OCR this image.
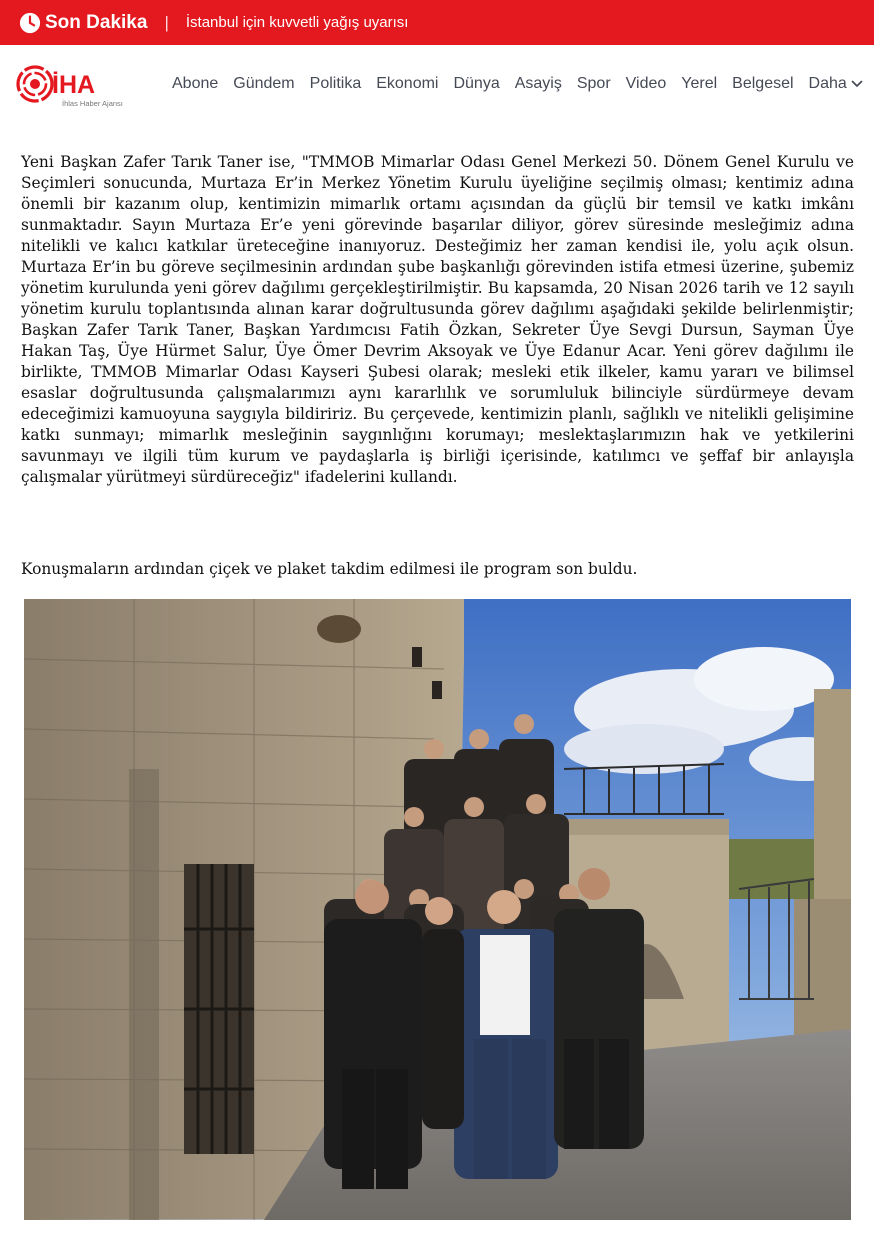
Son Dakika | İstanbul için kuvvetli yağış uyarısı
İHA
İhlas Haber Ajansı
Abone Gündem Politika Ekonomi Dünya Asayiş Spor Video Yerel Belgesel Daha

Yeni Başkan Zafer Tarık Taner ise, "TMMOB Mimarlar Odası Genel Merkezi 50. Dönem Genel Kurulu ve Seçimleri sonucunda, Murtaza Er’in Merkez Yönetim Kurulu üyeliğine seçilmiş olması; kentimiz adına önemli bir kazanım olup, kentimizin mimarlık ortamı açısından da güçlü bir temsil ve katkı imkânı sunmaktadır. Sayın Murtaza Er’e yeni görevinde başarılar diliyor, görev süresinde mesleğimiz adına nitelikli ve kalıcı katkılar üreteceğine inanıyoruz. Desteğimiz her zaman kendisi ile, yolu açık olsun. Murtaza Er’in bu göreve seçilmesinin ardından şube başkanlığı görevinden istifa etmesi üzerine, şubemiz yönetim kurulunda yeni görev dağılımı gerçekleştirilmiştir. Bu kapsamda, 20 Nisan 2026 tarih ve 12 sayılı yönetim kurulu toplantısında alınan karar doğrultusunda görev dağılımı aşağıdaki şekilde belirlenmiştir; Başkan Zafer Tarık Taner, Başkan Yardımcısı Fatih Özkan, Sekreter Üye Sevgi Dursun, Sayman Üye Hakan Taş, Üye Hürmet Salur, Üye Ömer Devrim Aksoyak ve Üye Edanur Acar. Yeni görev dağılımı ile birlikte, TMMOB Mimarlar Odası Kayseri Şubesi olarak; mesleki etik ilkeler, kamu yararı ve bilimsel esaslar doğrultusunda çalışmalarımızı aynı kararlılık ve sorumluluk bilinciyle sürdürmeye devam edeceğimizi kamuoyuna saygıyla bildiririz. Bu çerçevede, kentimizin planlı, sağlıklı ve nitelikli gelişimine katkı sunmayı; mimarlık mesleğinin saygınlığını korumayı; meslektaşlarımızın hak ve yetkilerini savunmayı ve ilgili tüm kurum ve paydaşlarla iş birliği içerisinde, katılımcı ve şeffaf bir anlayışla çalışmalar yürütmeyi sürdüreceğiz" ifadelerini kullandı.

Konuşmaların ardından çiçek ve plaket takdim edilmesi ile program son buldu.
